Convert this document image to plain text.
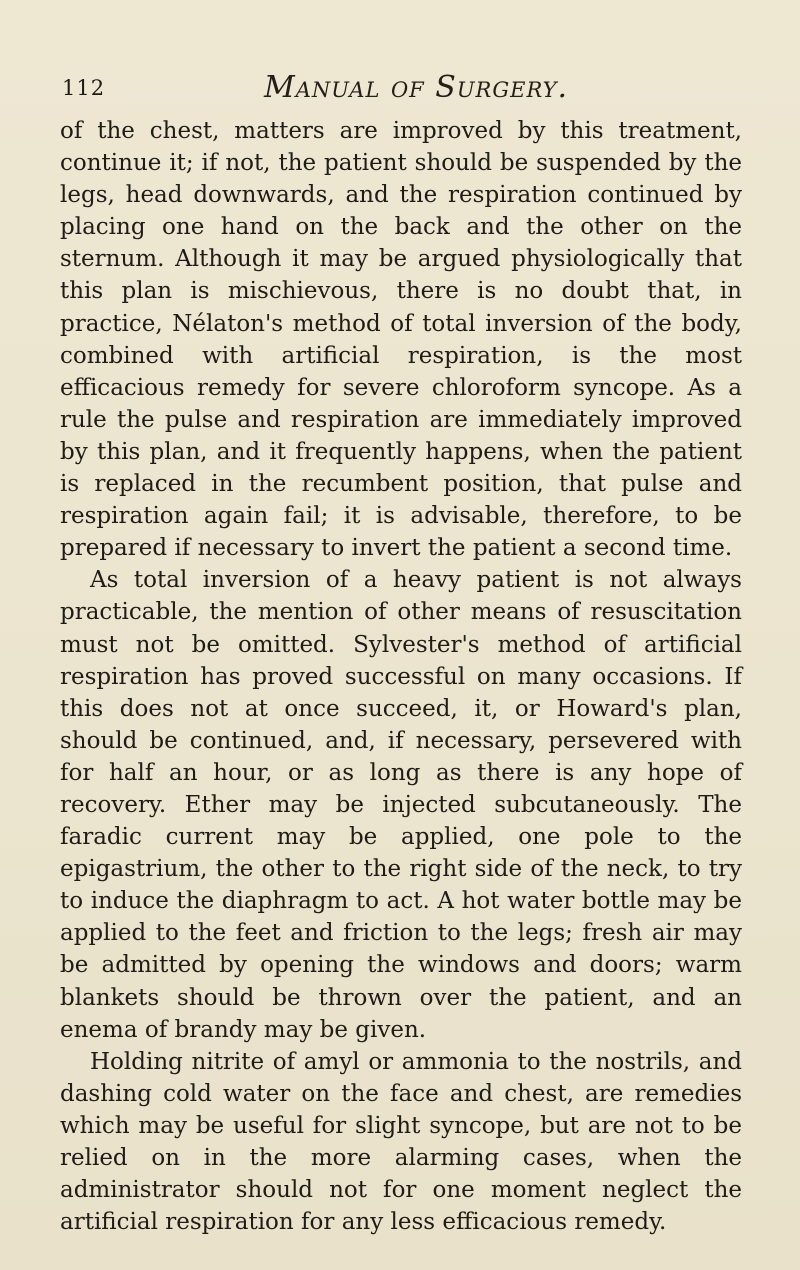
112	Manual of Surgery.

of the chest, matters are improved by this treatment, continue it; if not, the patient should be suspended by the legs, head downwards, and the respiration continued by placing one hand on the back and the other on the sternum. Although it may be argued physiologically that this plan is mischievous, there is no doubt that, in practice, Nélaton's method of total inversion of the body, combined with artificial respiration, is the most efficacious remedy for severe chloroform syncope. As a rule the pulse and respiration are immediately improved by this plan, and it frequently happens, when the patient is replaced in the recumbent position, that pulse and respiration again fail; it is advisable, therefore, to be prepared if necessary to invert the patient a second time.

As total inversion of a heavy patient is not always practicable, the mention of other means of resuscitation must not be omitted. Sylvester's method of artificial respiration has proved successful on many occasions. If this does not at once succeed, it, or Howard's plan, should be continued, and, if necessary, persevered with for half an hour, or as long as there is any hope of recovery. Ether may be injected subcutaneously. The faradic current may be applied, one pole to the epigastrium, the other to the right side of the neck, to try to induce the diaphragm to act. A hot water bottle may be applied to the feet and friction to the legs; fresh air may be admitted by opening the windows and doors; warm blankets should be thrown over the patient, and an enema of brandy may be given.

Holding nitrite of amyl or ammonia to the nostrils, and dashing cold water on the face and chest, are remedies which may be useful for slight syncope, but are not to be relied on in the more alarming cases, when the administrator should not for one moment neglect the artificial respiration for any less efficacious remedy.
